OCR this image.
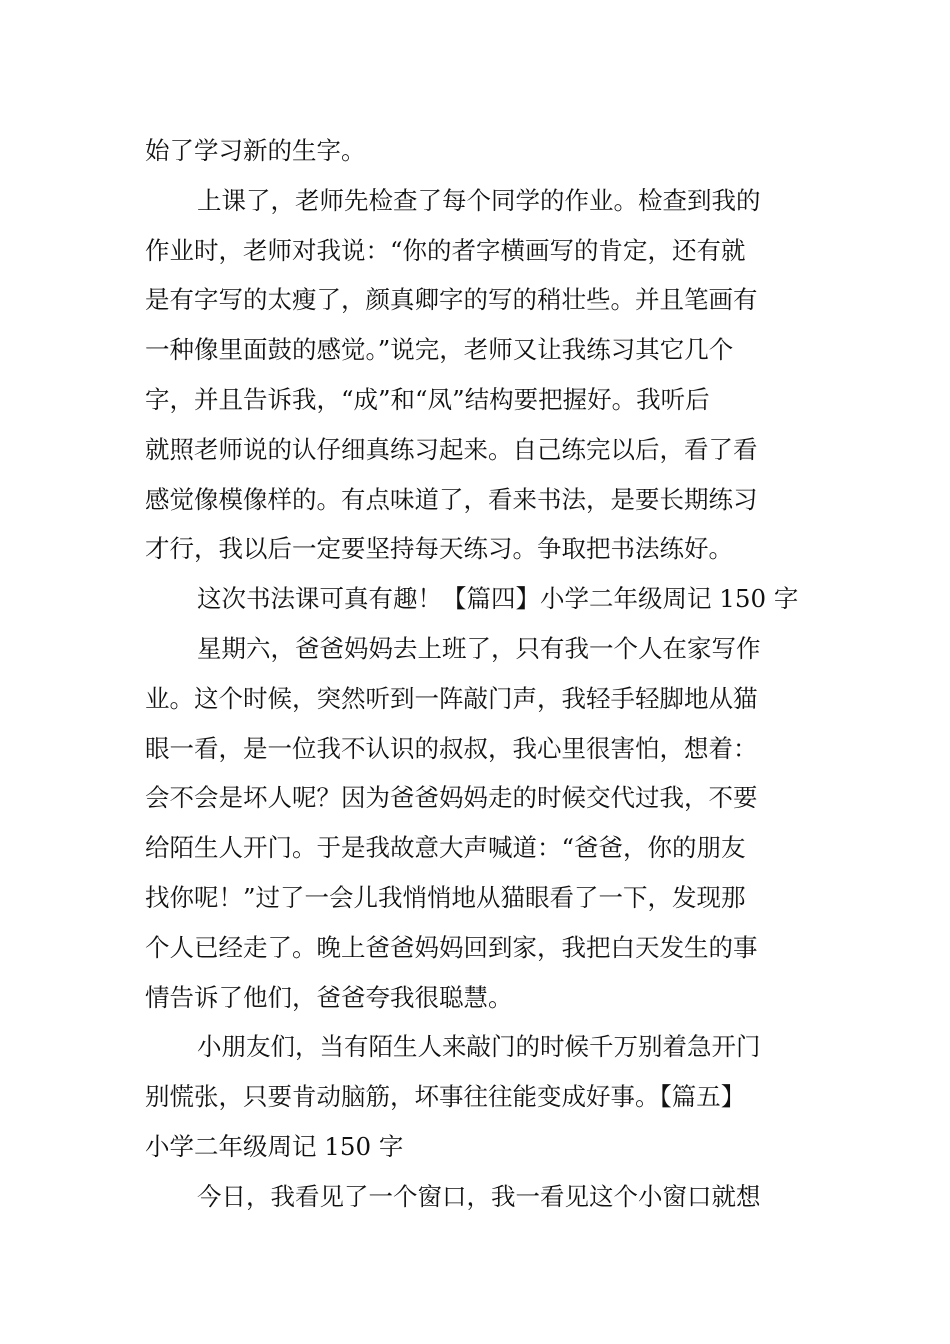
始了学习新的生字。
上课了，老师先检查了每个同学的作业。检查到我的
作业时，老师对我说：“你的者字横画写的肯定，还有就
是有字写的太瘦了，颜真卿字的写的稍壮些。并且笔画有
一种像里面鼓的感觉。”说完，老师又让我练习其它几个
字，并且告诉我，“成”和“凤”结构要把握好。我听后
就照老师说的认仔细真练习起来。自己练完以后，看了看
感觉像模像样的。有点味道了，看来书法，是要长期练习
才行，我以后一定要坚持每天练习。争取把书法练好。
这次书法课可真有趣！【篇四】小学二年级周记 150 字
星期六，爸爸妈妈去上班了，只有我一个人在家写作
业。这个时候，突然听到一阵敲门声，我轻手轻脚地从猫
眼一看，是一位我不认识的叔叔，我心里很害怕，想着：
会不会是坏人呢？因为爸爸妈妈走的时候交代过我，不要
给陌生人开门。于是我故意大声喊道：“爸爸，你的朋友
找你呢！”过了一会儿我悄悄地从猫眼看了一下，发现那
个人已经走了。晚上爸爸妈妈回到家，我把白天发生的事
情告诉了他们，爸爸夸我很聪慧。
小朋友们，当有陌生人来敲门的时候千万别着急开门
别慌张，只要肯动脑筋，坏事往往能变成好事。【篇五】
小学二年级周记 150 字
今日，我看见了一个窗口，我一看见这个小窗口就想
